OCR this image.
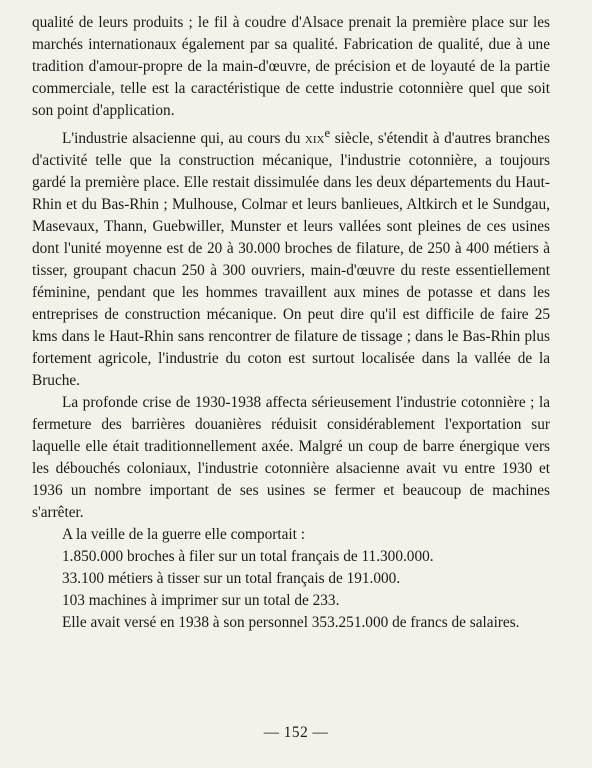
qualité de leurs produits ; le fil à coudre d'Alsace prenait la première place sur les marchés internationaux également par sa qualité. Fabrication de qualité, due à une tradition d'amour-propre de la main-d'œuvre, de précision et de loyauté de la partie commerciale, telle est la caractéristique de cette industrie cotonnière quel que soit son point d'application.

L'industrie alsacienne qui, au cours du xix$^e$ siècle, s'étendit à d'autres branches d'activité telle que la construction mécanique, l'industrie cotonnière, a toujours gardé la première place. Elle restait dissimulée dans les deux départements du Haut-Rhin et du Bas-Rhin ; Mulhouse, Colmar et leurs banlieues, Altkirch et le Sundgau, Masevaux, Thann, Guebwiller, Munster et leurs vallées sont pleines de ces usines dont l'unité moyenne est de 20 à 30.000 broches de filature, de 250 à 400 métiers à tisser, groupant chacun 250 à 300 ouvriers, main-d'œuvre du reste essentiellement féminine, pendant que les hommes travaillent aux mines de potasse et dans les entreprises de construction mécanique. On peut dire qu'il est difficile de faire 25 kms dans le Haut-Rhin sans rencontrer de filature de tissage ; dans le Bas-Rhin plus fortement agricole, l'industrie du coton est surtout localisée dans la vallée de la Bruche.

La profonde crise de 1930-1938 affecta sérieusement l'industrie cotonnière ; la fermeture des barrières douanières réduisit considérablement l'exportation sur laquelle elle était traditionnellement axée. Malgré un coup de barre énergique vers les débouchés coloniaux, l'industrie cotonnière alsacienne avait vu entre 1930 et 1936 un nombre important de ses usines se fermer et beaucoup de machines s'arrêter.

A la veille de la guerre elle comportait :

1.850.000 broches à filer sur un total français de 11.300.000.

33.100 métiers à tisser sur un total français de 191.000.

103 machines à imprimer sur un total de 233.

Elle avait versé en 1938 à son personnel 353.251.000 de francs de salaires.

— 152 —
